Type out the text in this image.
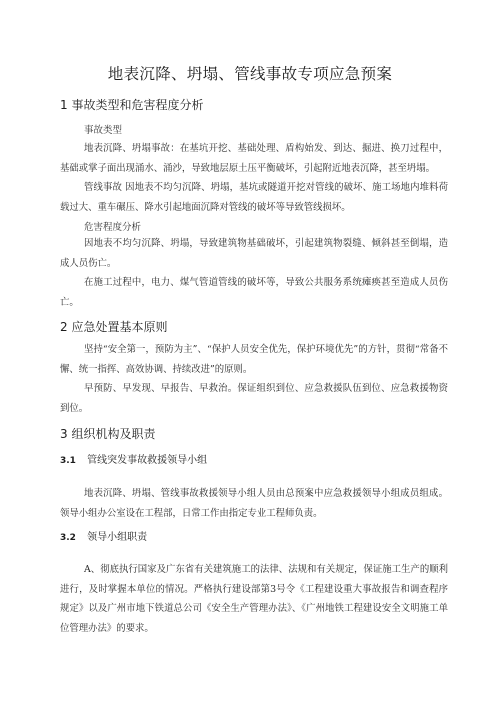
地表沉降、坍塌、管线事故专项应急预案
1 事故类型和危害程度分析
事故类型
地表沉降、坍塌事故：在基坑开挖、基础处理、盾构始发、到达、掘进、换刀过程中，基础或掌子面出现涌水、涌沙，导致地层原土压平衡破坏，引起附近地表沉降，甚至坍塌。
管线事故 因地表不均匀沉降、坍塌，基坑或隧道开挖对管线的破坏、施工场地内堆料荷载过大、重车碾压、降水引起地面沉降对管线的破坏等导致管线损坏。
危害程度分析
因地表不均匀沉降、坍塌，导致建筑物基础破坏，引起建筑物裂缝、倾斜甚至倒塌，造成人员伤亡。
在施工过程中，电力、煤气管道管线的破坏等，导致公共服务系统瘫痪甚至造成人员伤亡。
2 应急处置基本原则
坚持“安全第一，预防为主”、“保护人员安全优先，保护环境优先”的方针，贯彻“常备不懈、统一指挥、高效协调、持续改进”的原则。
早预防、早发现、早报告、早救治。保证组织到位、应急救援队伍到位、应急救援物资到位。
3 组织机构及职责
3.1 管线突发事故救援领导小组
地表沉降、坍塌、管线事故救援领导小组人员由总预案中应急救援领导小组成员组成。领导小组办公室设在工程部，日常工作由指定专业工程师负责。
3.2 领导小组职责
A、彻底执行国家及广东省有关建筑施工的法律、法规和有关规定，保证施工生产的顺利进行，及时掌握本单位的情况。严格执行建设部第3号令《工程建设重大事故报告和调查程序规定》以及广州市地下铁道总公司《安全生产管理办法》、《广州地铁工程建设安全文明施工单位管理办法》的要求。
